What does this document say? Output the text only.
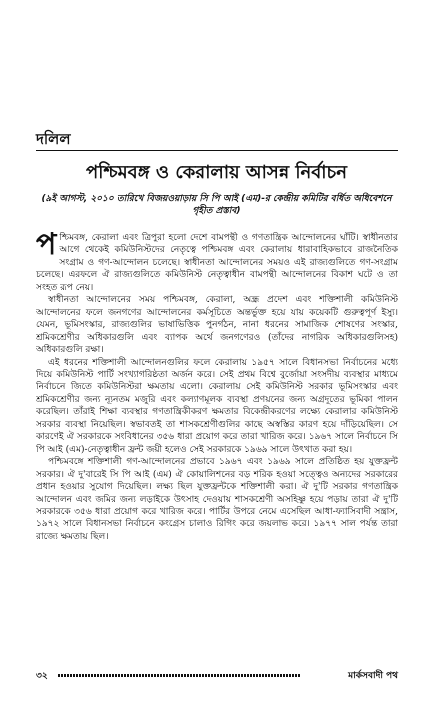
দলিল
পশ্চিমবঙ্গ ও কেরালায় আসন্ন নির্বাচন
(৯ই আগস্ট, ২০১০ তারিখে বিজয়ওয়াড়ায় সি পি আই (এম)-র কেন্দ্রীয় কমিটির বর্ধিত অধিবেশনে গৃহীত প্রস্তাব)

পশ্চিমবঙ্গ, কেরালা এবং ত্রিপুরা হলো দেশে বামপন্থী ও গণতান্ত্রিক আন্দোলনের ঘাঁটি। স্বাধীনতার আগে থেকেই কমিউনিস্টদের নেতৃত্বে পশ্চিমবঙ্গ এবং কেরালায় ধারাবাহিকভাবে রাজনৈতিক সংগ্রাম ও গণ-আন্দোলন চলেছে। স্বাধীনতা আন্দোলনের সময়ও এই রাজ্যগুলিতে গণ-সংগ্রাম চলেছে। এরফলে ঐ রাজ্যগুলিতে কমিউনিস্ট নেতৃত্বাধীন বামপন্থী আন্দোলনের বিকাশ ঘটে ও তা সংহত রূপ নেয়।

স্বাধীনতা আন্দোলনের সময় পশ্চিমবঙ্গ, কেরালা, অন্ধ্র প্রদেশ এবং শক্তিশালী কমিউনিস্ট আন্দোলনের ফলে জনগণের আন্দোলনের কর্মসূচিতে অন্তর্ভুক্ত হয়ে যায় কয়েকটি গুরুত্বপূর্ণ ইস্যু। যেমন, ভূমিসংস্কার, রাজ্যগুলির ভাষাভিত্তিক পুনর্গঠন, নানা ধরনের সামাজিক শোষণের সংস্কার, শ্রমিকশ্রেণীর অধিকারগুলি এবং ব্যাপক অর্থে জনগণেরও (তাঁদের নাগরিক অধিকারগুলিসহ) অধিকারগুলি রক্ষা।

এই ধরনের শক্তিশালী আন্দোলনগুলির ফলে কেরালায় ১৯৫৭ সালে বিধানসভা নির্বাচনের মধ্যে দিয়ে কমিউনিস্ট পার্টি সংখ্যাগরিষ্ঠতা অর্জন করে। সেই প্রথম বিশ্বে বুর্জোয়া সংসদীয় ব্যবস্থার মাধ্যমে নির্বাচনে জিতে কমিউনিস্টরা ক্ষমতায় এলো। কেরালায় সেই কমিউনিস্ট সরকার ভূমিসংস্কার এবং শ্রমিকশ্রেণীর জন্য ন্যূনতম মজুরি এবং কল্যাণমূলক ব্যবস্থা প্রণয়নের জন্য অগ্রদূতের ভূমিকা পালন করেছিল। তাঁরাই শিক্ষা ব্যবস্থার গণতান্ত্রিকীকরণ ক্ষমতার বিকেন্দ্রীকরণের লক্ষ্যে কেরালার কমিউনিস্ট সরকার ব্যবস্থা নিয়েছিল। স্বভাবতই তা শাসকশ্রেণীগুলির কাছে অস্বস্তির কারণ হয়ে দাঁড়িয়েছিল। সে কারণেই ঐ সরকারকে সংবিধানের ৩৫৬ ধারা প্রয়োগ করে তারা খারিজ করে। ১৯৬৭ সালে নির্বাচনে সি পি আই (এম)-নেতৃত্বাধীন ফ্রন্ট জয়ী হলেও সেই সরকারকে ১৯৬৯ সালে উৎখাত করা হয়।

পশ্চিমবঙ্গে শক্তিশালী গণ-আন্দোলনের প্রভাবে ১৯৬৭ এবং ১৯৬৯ সালে প্রতিষ্ঠিত হয় যুক্তফ্রন্ট সরকার। ঐ দু'বারেই সি পি আই (এম) ঐ কোয়ালিশনের বড় শরিক হওয়া সত্ত্বেও অন্যদের সরকারের প্রধান হওয়ার সুযোগ দিয়েছিল। লক্ষ্য ছিল যুক্তফ্রন্টকে শক্তিশালী করা। ঐ দু'টি সরকার গণতান্ত্রিক আন্দোলন এবং জমির জন্য লড়াইকে উৎসাহ দেওয়ায় শাসকশ্রেণী অসহিষ্ণু হয়ে পড়ায় তারা ঐ দু'টি সরকারকে ৩৫৬ ধারা প্রয়োগ করে খারিজ করে। পার্টির উপরে নেমে এসেছিল আধা-ফ্যাসিবাদী সন্ত্রাস, ১৯৭২ সালে বিধানসভা নির্বাচনে কংগ্রেস চালাও রিগিং করে জয়লাভ করে। ১৯৭৭ সাল পর্যন্ত তারা রাজ্যে ক্ষমতায় ছিল।

৩২	মার্কসবাদী পথ
